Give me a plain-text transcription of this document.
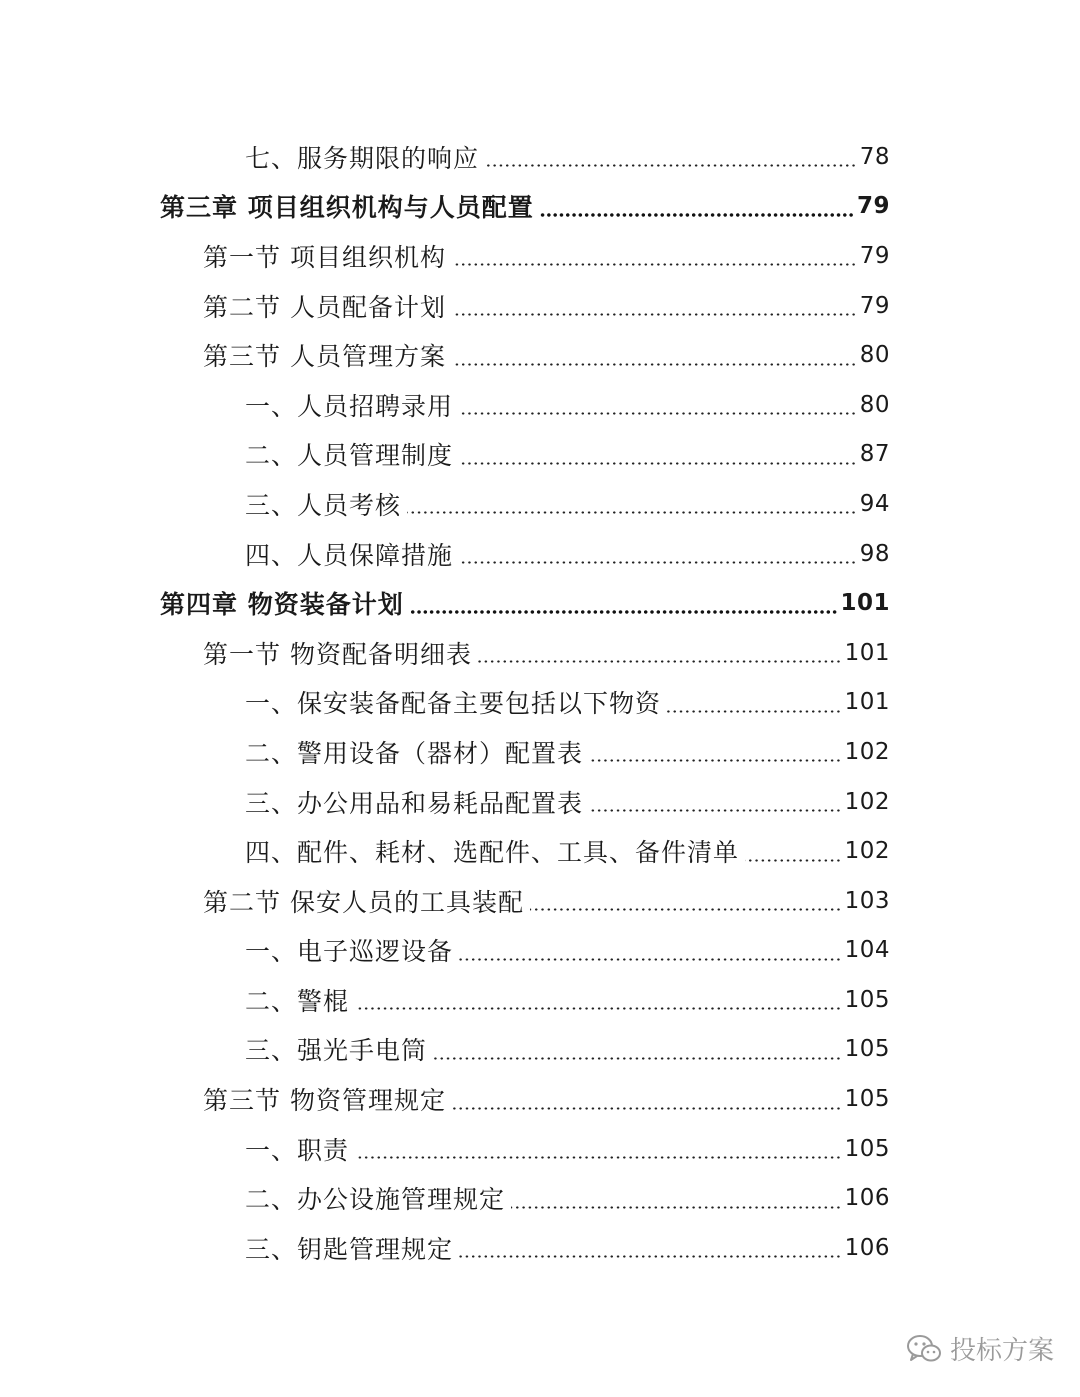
七、服务期限的响应	78
第三章 项目组织机构与人员配置	79
第一节 项目组织机构	79
第二节 人员配备计划	79
第三节 人员管理方案	80
一、人员招聘录用	80
二、人员管理制度	87
三、人员考核	94
四、人员保障措施	98
第四章 物资装备计划	101
第一节 物资配备明细表	101
一、保安装备配备主要包括以下物资	101
二、警用设备（器材）配置表	102
三、办公用品和易耗品配置表	102
四、配件、耗材、选配件、工具、备件清单	102
第二节 保安人员的工具装配	103
一、电子巡逻设备	104
二、警棍	105
三、强光手电筒	105
第三节 物资管理规定	105
一、职责	105
二、办公设施管理规定	106
三、钥匙管理规定	106
投标方案
